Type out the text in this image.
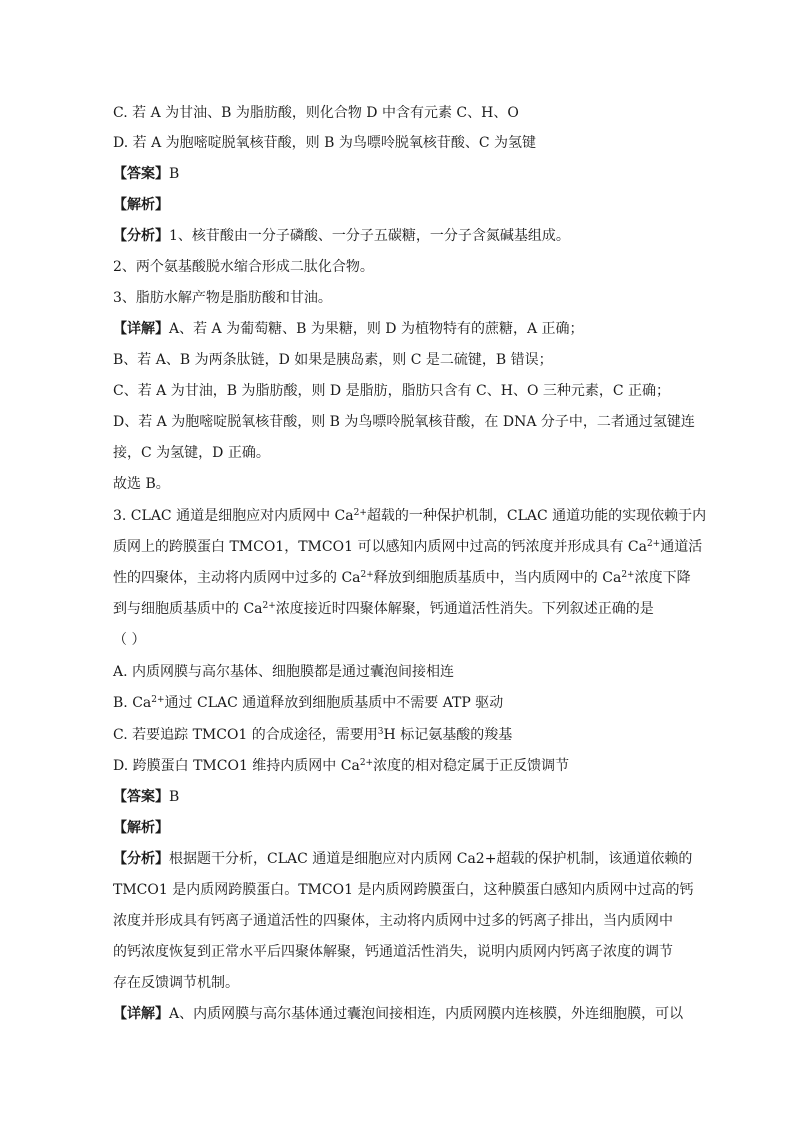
C. 若 A 为甘油、B 为脂肪酸，则化合物 D 中含有元素 C、H、O
D. 若 A 为胞嘧啶脱氧核苷酸，则 B 为鸟嘌呤脱氧核苷酸、C 为氢键
【答案】B
【解析】
【分析】1、核苷酸由一分子磷酸、一分子五碳糖，一分子含氮碱基组成。
2、两个氨基酸脱水缩合形成二肽化合物。
3、脂肪水解产物是脂肪酸和甘油。
【详解】A、若 A 为葡萄糖、B 为果糖，则 D 为植物特有的蔗糖，A 正确；
B、若 A、B 为两条肽链，D 如果是胰岛素，则 C 是二硫键，B 错误；
C、若 A 为甘油，B 为脂肪酸，则 D 是脂肪，脂肪只含有 C、H、O 三种元素，C 正确；
D、若 A 为胞嘧啶脱氧核苷酸，则 B 为鸟嘌呤脱氧核苷酸，在 DNA 分子中，二者通过氢键连
接，C 为氢键，D 正确。
故选 B。
3. CLAC 通道是细胞应对内质网中 $Ca^{2+}$超载的一种保护机制，CLAC 通道功能的实现依赖于内
质网上的跨膜蛋白 TMCO1，TMCO1 可以感知内质网中过高的钙浓度并形成具有 $Ca^{2+}$通道活
性的四聚体，主动将内质网中过多的 $Ca^{2+}$释放到细胞质基质中，当内质网中的 $Ca^{2+}$浓度下降
到与细胞质基质中的 $Ca^{2+}$浓度接近时四聚体解聚，钙通道活性消失。下列叙述正确的是
（ ）
A. 内质网膜与高尔基体、细胞膜都是通过囊泡间接相连
B. $Ca^{2+}$通过 CLAC 通道释放到细胞质基质中不需要 ATP 驱动
C. 若要追踪 TMCO1 的合成途径，需要用$^3$H 标记氨基酸的羧基
D. 跨膜蛋白 TMCO1 维持内质网中 $Ca^{2+}$浓度的相对稳定属于正反馈调节
【答案】B
【解析】
【分析】根据题干分析，CLAC 通道是细胞应对内质网 Ca2+超载的保护机制，该通道依赖的
TMCO1 是内质网跨膜蛋白。TMCO1 是内质网跨膜蛋白，这种膜蛋白感知内质网中过高的钙
浓度并形成具有钙离子通道活性的四聚体，主动将内质网中过多的钙离子排出，当内质网中
的钙浓度恢复到正常水平后四聚体解聚，钙通道活性消失，说明内质网内钙离子浓度的调节
存在反馈调节机制。
【详解】A、内质网膜与高尔基体通过囊泡间接相连，内质网膜内连核膜，外连细胞膜，可以
